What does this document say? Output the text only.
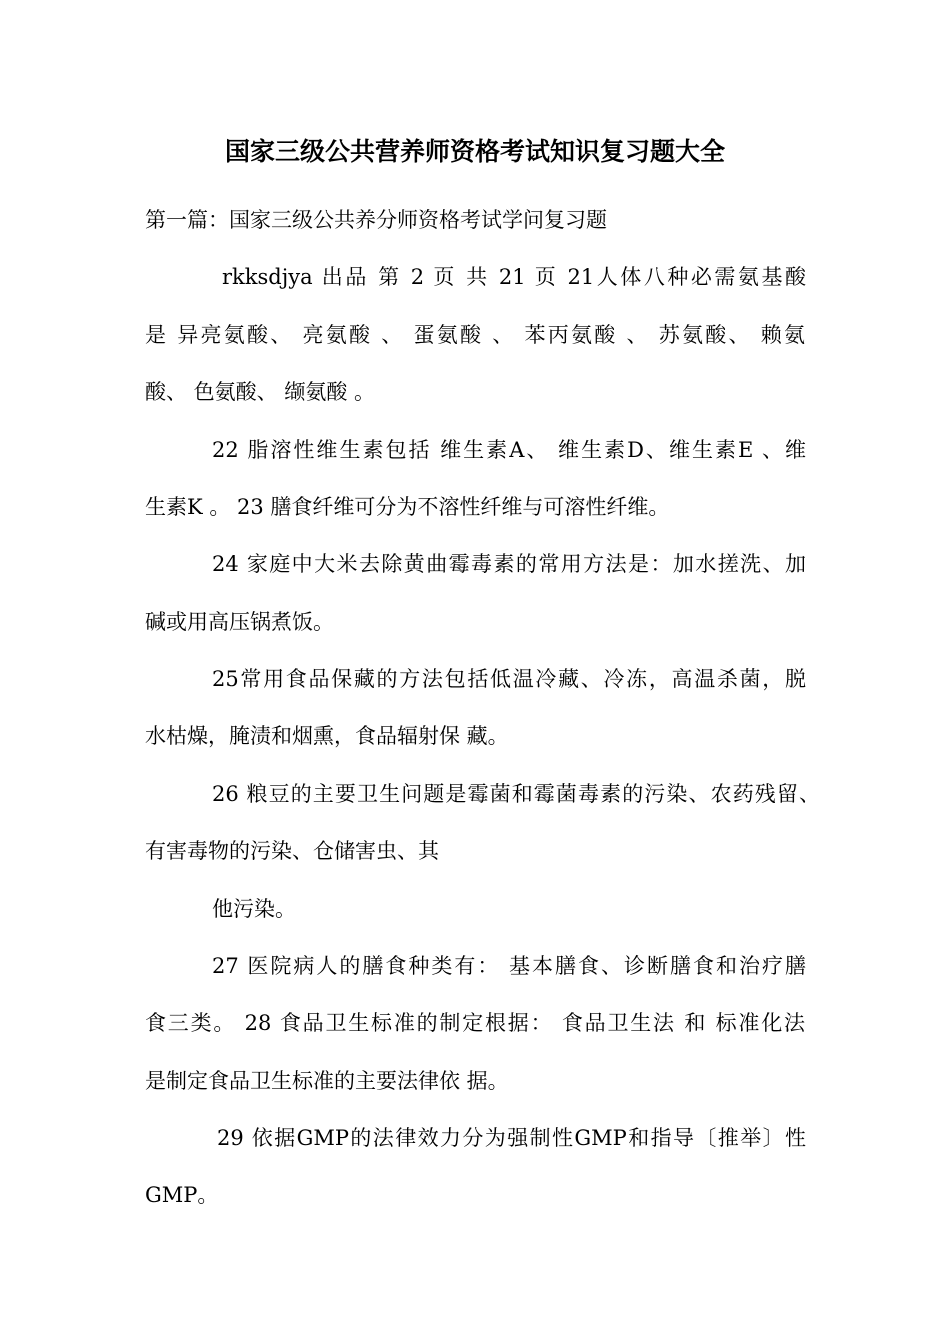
国家三级公共营养师资格考试知识复习题大全
第一篇：国家三级公共养分师资格考试学问复习题
rkksdjya 出品 第 2 页 共 21 页 21人体八种必需氨基酸
是 异亮氨酸、 亮氨酸 、 蛋氨酸 、 苯丙氨酸 、 苏氨酸、 赖氨
酸、 色氨酸、 缬氨酸 。
22 脂溶性维生素包括 维生素A、 维生素D、维生素E 、维
生素K 。 23 膳食纤维可分为不溶性纤维与可溶性纤维。
24 家庭中大米去除黄曲霉毒素的常用方法是：加水搓洗、加
碱或用高压锅煮饭。
25常用食品保藏的方法包括低温冷藏、冷冻，高温杀菌，脱
水枯燥，腌渍和烟熏，食品辐射保 藏。
26 粮豆的主要卫生问题是霉菌和霉菌毒素的污染、农药残留、
有害毒物的污染、仓储害虫、其
他污染。
27 医院病人的膳食种类有： 基本膳食、诊断膳食和治疗膳
食三类。 28 食品卫生标准的制定根据： 食品卫生法 和 标准化法
是制定食品卫生标准的主要法律依 据。
29 依据GMP的法律效力分为强制性GMP和指导〔推举〕性
GMP。
